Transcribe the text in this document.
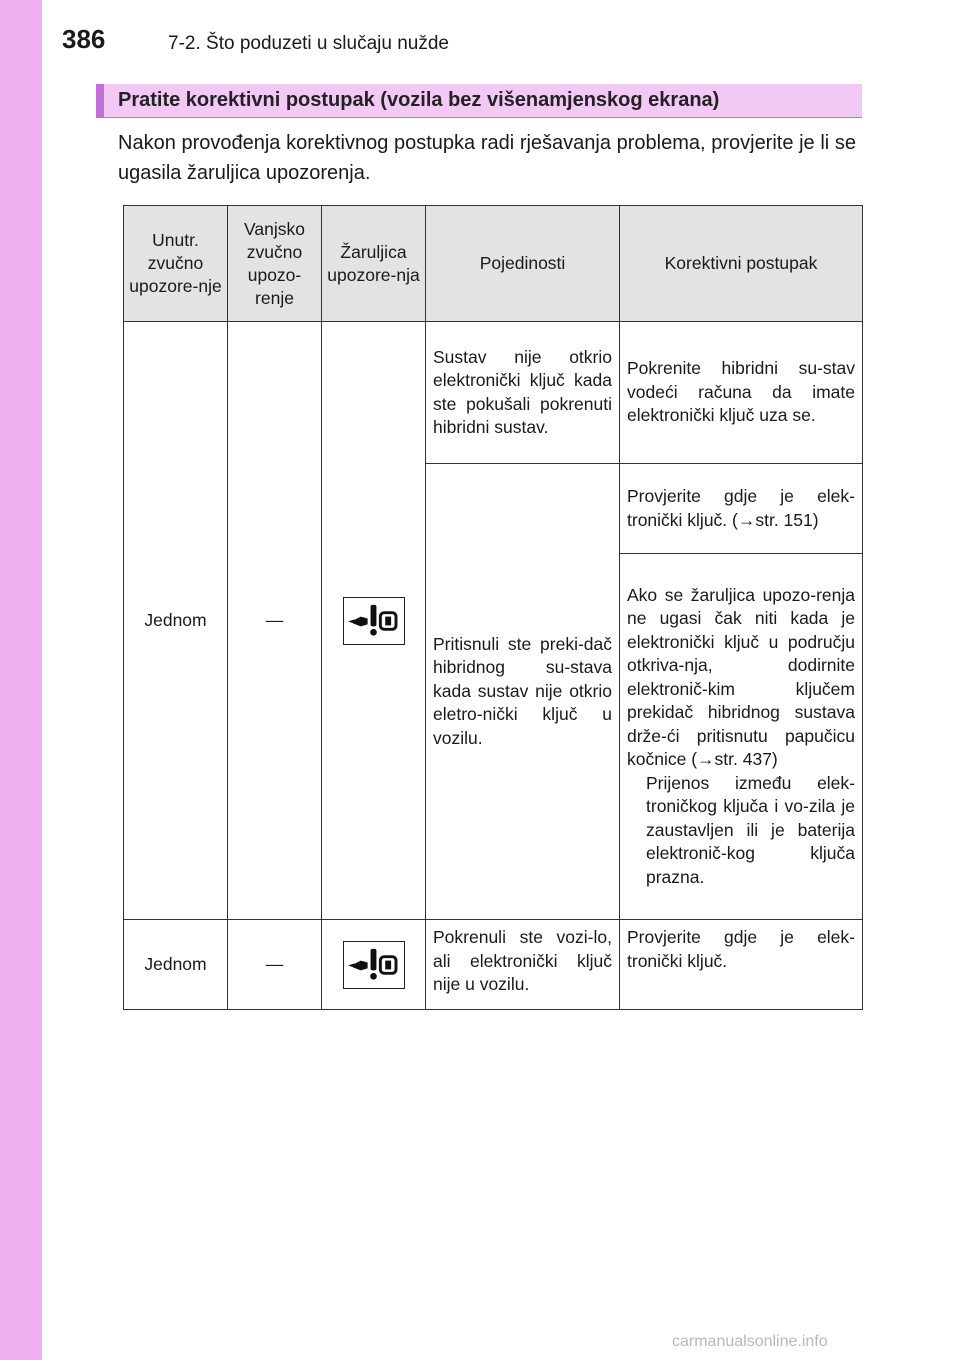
386	7-2. Što poduzeti u slučaju nužde
Pratite korektivni postupak (vozila bez višenamjenskog ekrana)
Nakon provođenja korektivnog postupka radi rješavanja problema, provjerite je li se ugasila žaruljica upozorenja.
Unutr. zvučno upozore-nje	Vanjsko zvučno upozo-renje	Žaruljica upozore-nja	Pojedinosti	Korektivni postupak
Jednom	—		Sustav nije otkrio elektronički ključ kada ste pokušali pokrenuti hibridni sustav.	Pokrenite hibridni su-stav vodeći računa da imate elektronički ključ uza se.
			Pritisnuli ste preki-dač hibridnog su-stava kada sustav nije otkrio eletro-nički ključ u vozilu.	Provjerite gdje je elek-tronički ključ. (→str. 151)
				Ako se žaruljica upozo-renja ne ugasi čak niti kada je elektronički ključ u području otkriva-nja, dodirnite elektronič-kim ključem prekidač hibridnog sustava drže-ći pritisnutu papučicu kočnice (→str. 437)
Prijenos između elek-troničkog ključa i vo-zila je zaustavljen ili je baterija elektronič-kog ključa prazna.

Jednom	—		Pokrenuli ste vozi-lo, ali elektronički ključ nije u vozilu.	Provjerite gdje je elek-tronički ključ.
carmanualsonline.info
